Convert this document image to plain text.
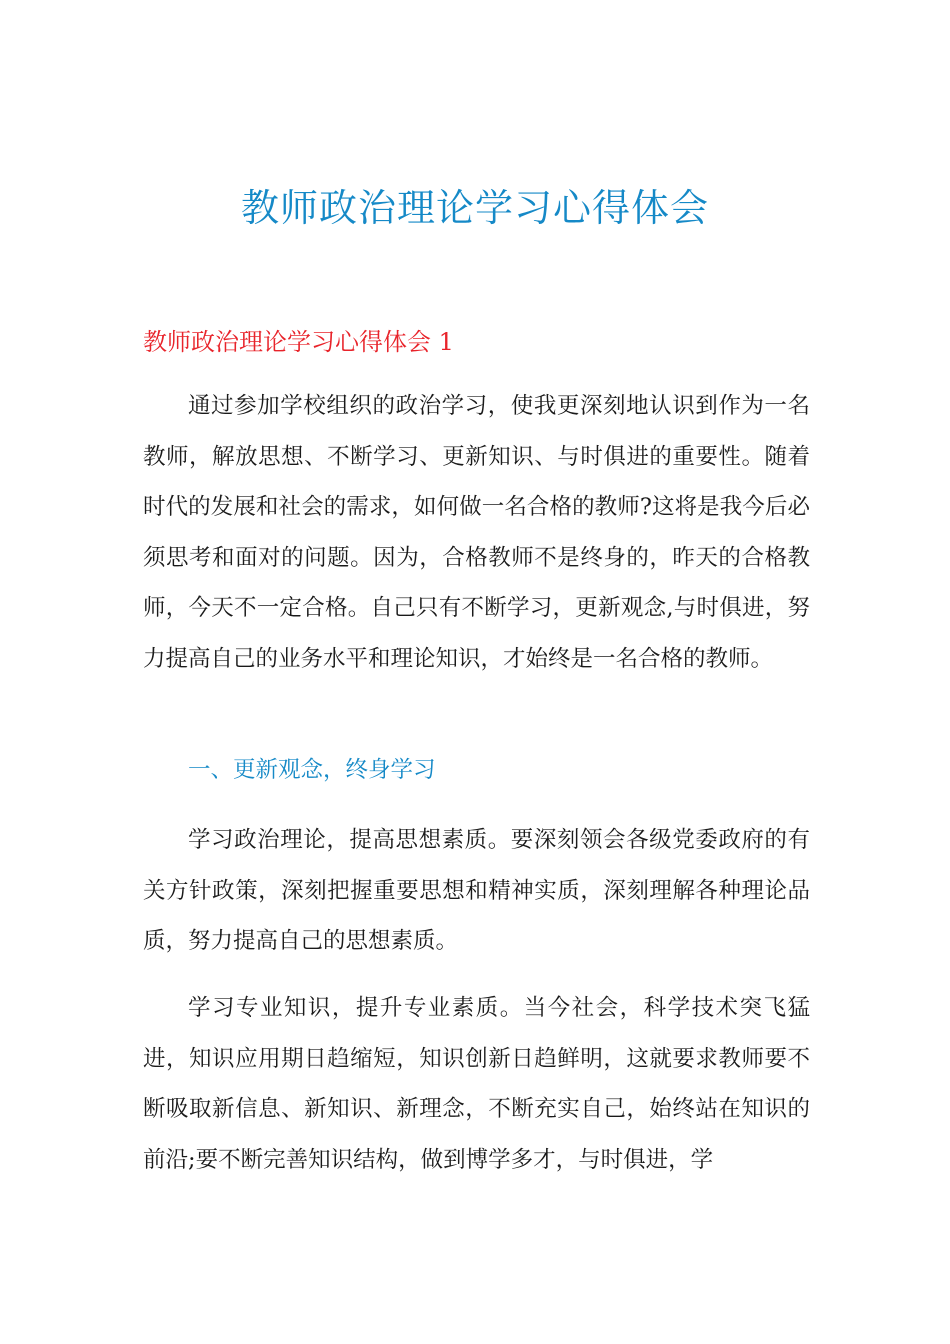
教师政治理论学习心得体会
教师政治理论学习心得体会 1

通过参加学校组织的政治学习，使我更深刻地认识到作为一名教师，解放思想、不断学习、更新知识、与时俱进的重要性。随着时代的发展和社会的需求，如何做一名合格的教师?这将是我今后必须思考和面对的问题。因为，合格教师不是终身的，昨天的合格教师，今天不一定合格。自己只有不断学习，更新观念,与时俱进，努力提高自己的业务水平和理论知识，才始终是一名合格的教师。

一、更新观念，终身学习

学习政治理论，提高思想素质。要深刻领会各级党委政府的有关方针政策，深刻把握重要思想和精神实质，深刻理解各种理论品质，努力提高自己的思想素质。

学习专业知识，提升专业素质。当今社会，科学技术突飞猛进，知识应用期日趋缩短，知识创新日趋鲜明，这就要求教师要不断吸取新信息、新知识、新理念，不断充实自己，始终站在知识的前沿;要不断完善知识结构，做到博学多才，与时俱进，学
